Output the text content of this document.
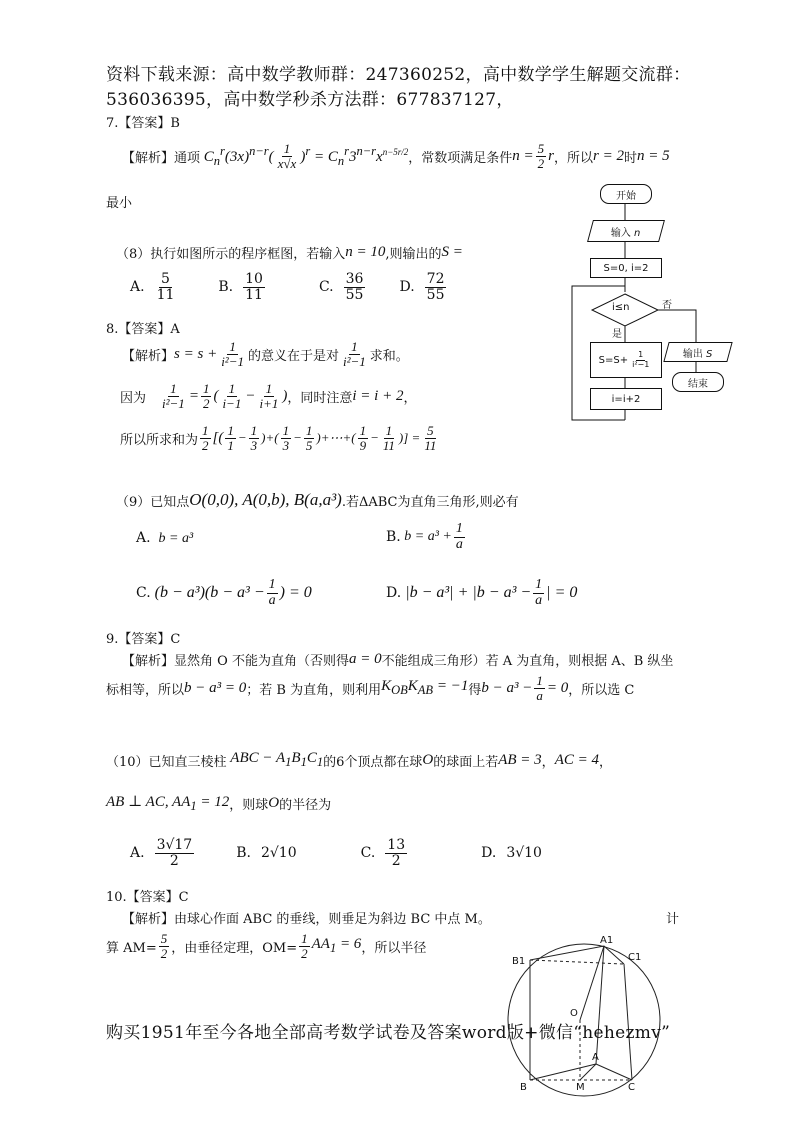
资料下载来源：高中数学教师群：247360252，高中数学学生解题交流群：
536036395，高中数学秒杀方法群：677837127，
7.【答案】B
【解析】 通项 $C_n^r(3x)^{n-r}( \frac{1}{x√x} )^r = C_n^r3^{n-r}x^{n-5r/2}$ ，常数项满足条件 $n = \frac{5}{2}$ r ，所以 r = 2 时 n = 5
最小
（8）执行如图所示的程序框图，若输入 n = 10 ,则输出的 S =
A. $\frac{5}{11}$	B. $\frac{10}{11}$	C. $\frac{36}{55} D$. $\frac{72}{55}$
8.【答案】A
【解析】 $s = s + \frac{1}{\text{i²−1}}$ 的意义在于是对 $\frac{1}{\text{i²−1}}$ 求和。
因为 $\frac{1}{\text{i²−1}} = \frac{1}{2}$ ( $\frac{1}{i-1} - \frac{1}{i+1}$ ) ，同时注意 i = i + 2 ，
所以所求和为 $\frac{1}{2}$ [( $\frac{1}{1} - \frac{1}{3}$ )+( $\frac{1}{3} - \frac{1}{5}$ )+⋯+( $\frac{1}{9} - \frac{1}{11}$ )] = $\frac{5}{11}$
开始
输入 n
S=0, i=2
i≤n	否
是
$S=S+ \frac{1}{\text{i²−1}}$
i=i+2
输出 S
结束
（9）已知点 O(0,0), A(0,b), B(a,a³) .若ΔABC为直角三角形,则必有
A.  b = a³	B. $b = a^3 + \frac{1}{a}$
C. $(b - a^3)(b - a^3 - \frac{1}{a}$ ) = 0	D. $|b - a^3| + |b - a^3 - \frac{1}{a}$ | = 0
9.【答案】C
【解析】 显然角 O 不能为直角（否则得 a = 0 不能组成三角形）若 A 为直角，则根据 A、B 纵坐
标相等，所以 b − a³ = 0 ；若 B 为直角，则利用 $K_{OB}K_{AB} = -1$ 得 $b - a^3 - \frac{1}{a} = 0$ ，所以选 C
（10）已知直三棱柱 ABC − $A_1B_1C_1$ 的6个顶点都在球 O 的球面上若 AB = 3 ， AC = 4 ，
AB ⊥ AC, $AA_1 = 12$ ，则球 O 的半径为
A. $\frac{3√17}{2}$	B. 2√10	C. $\frac{13}{2}$	D. 3√10
10.【答案】C
【解析】由球心作面 ABC 的垂线，则垂足为斜边 BC 中点 M。	计
算 $AM= \frac{5}{2}$ ，由垂径定理，$OM= \frac{1}{2} AA_1 = 6$ ，所以半径
A1
B1	C1
O
A
B	C
M
购买1951年至今各地全部高考数学试卷及答案word版+微信“hehezmv”
